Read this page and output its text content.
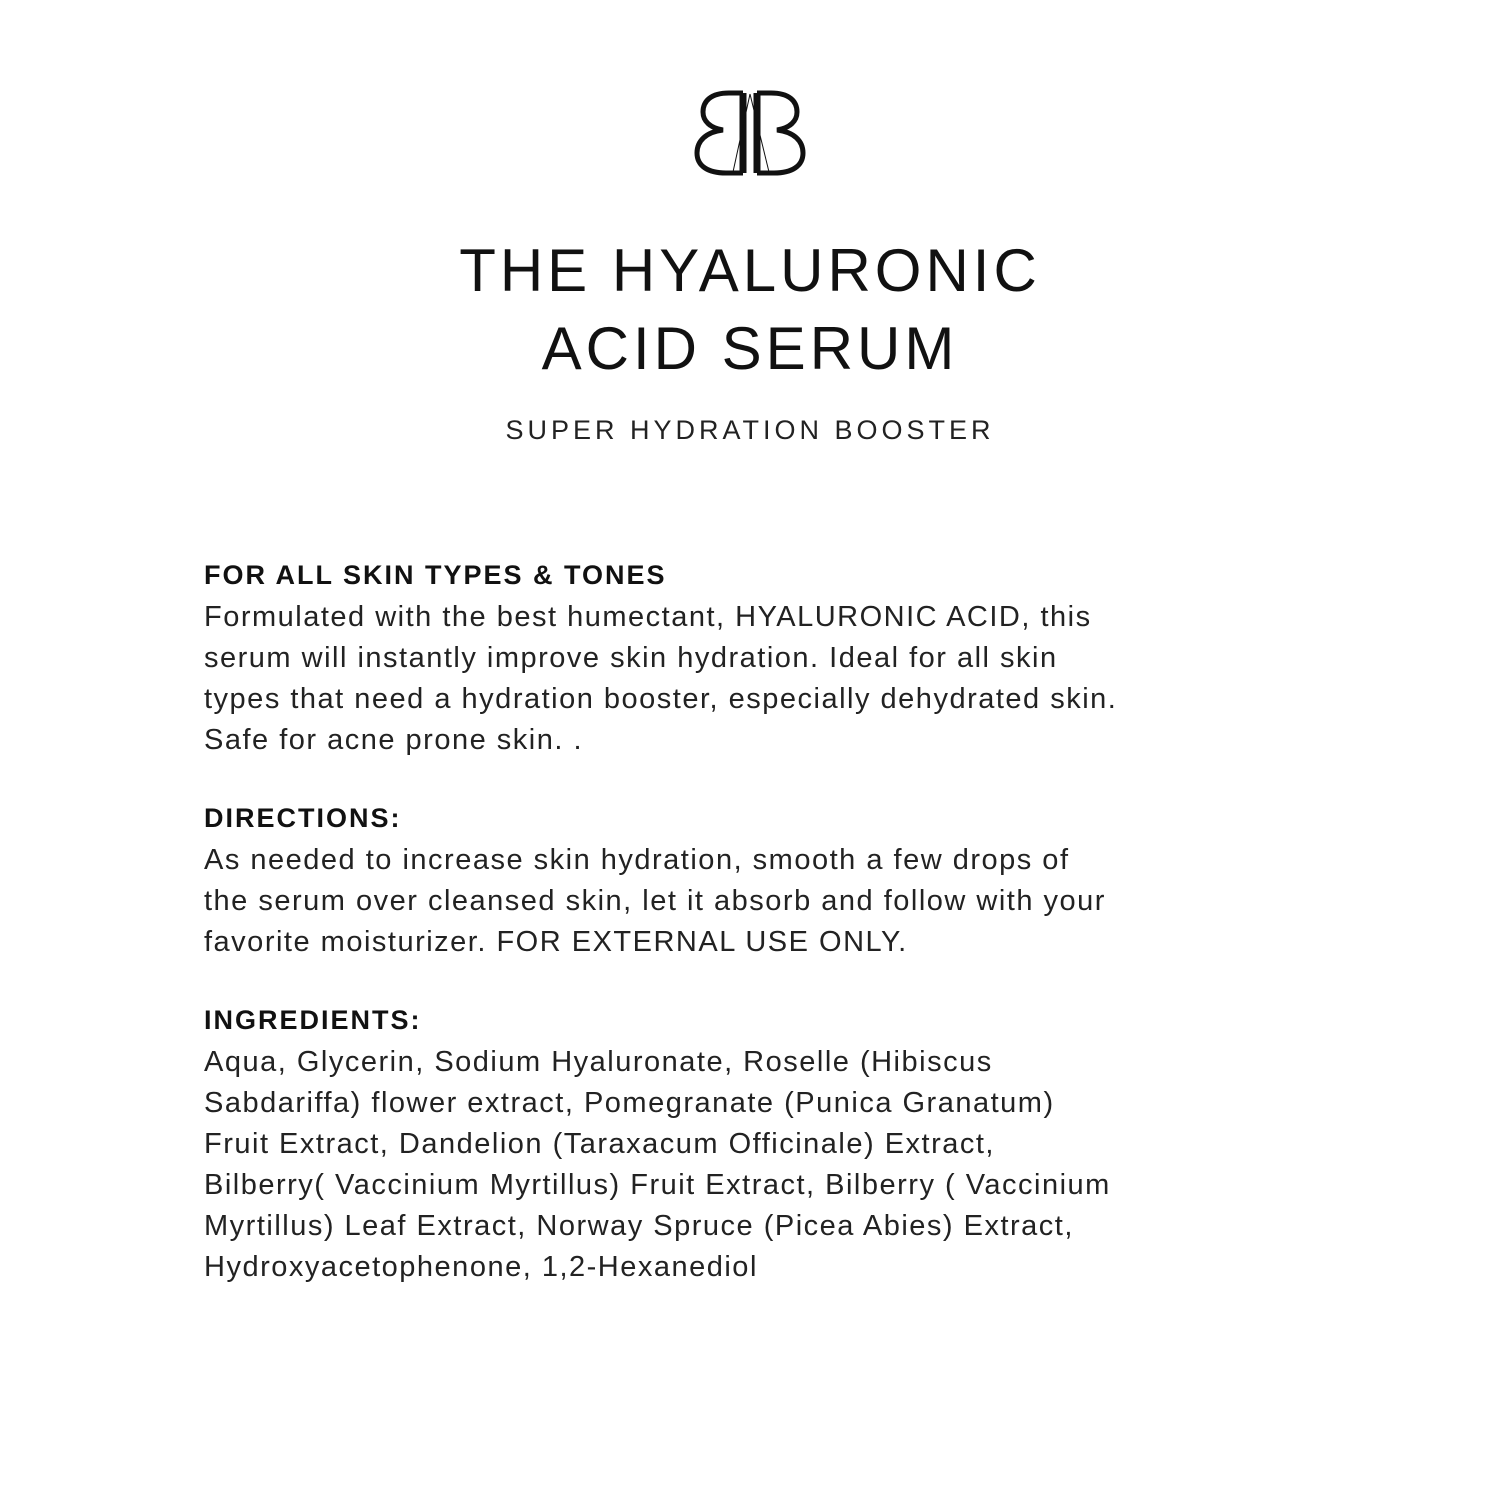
THE HYALURONIC
ACID SERUM
SUPER HYDRATION BOOSTER
FOR ALL SKIN TYPES & TONES

Formulated with the best humectant, HYALURONIC ACID, this
serum will instantly improve skin hydration. Ideal for all skin
types that need a hydration booster, especially dehydrated skin.
Safe for acne prone skin. .

DIRECTIONS:

As needed to increase skin hydration, smooth a few drops of
the serum over cleansed skin, let it absorb and follow with your
favorite moisturizer. FOR EXTERNAL USE ONLY.

INGREDIENTS:

Aqua, Glycerin, Sodium Hyaluronate, Roselle (Hibiscus
Sabdariffa) flower extract, Pomegranate (Punica Granatum)
Fruit Extract, Dandelion (Taraxacum Officinale) Extract,
Bilberry( Vaccinium Myrtillus) Fruit Extract, Bilberry ( Vaccinium
Myrtillus) Leaf Extract, Norway Spruce (Picea Abies) Extract,
Hydroxyacetophenone, 1,2-Hexanediol
